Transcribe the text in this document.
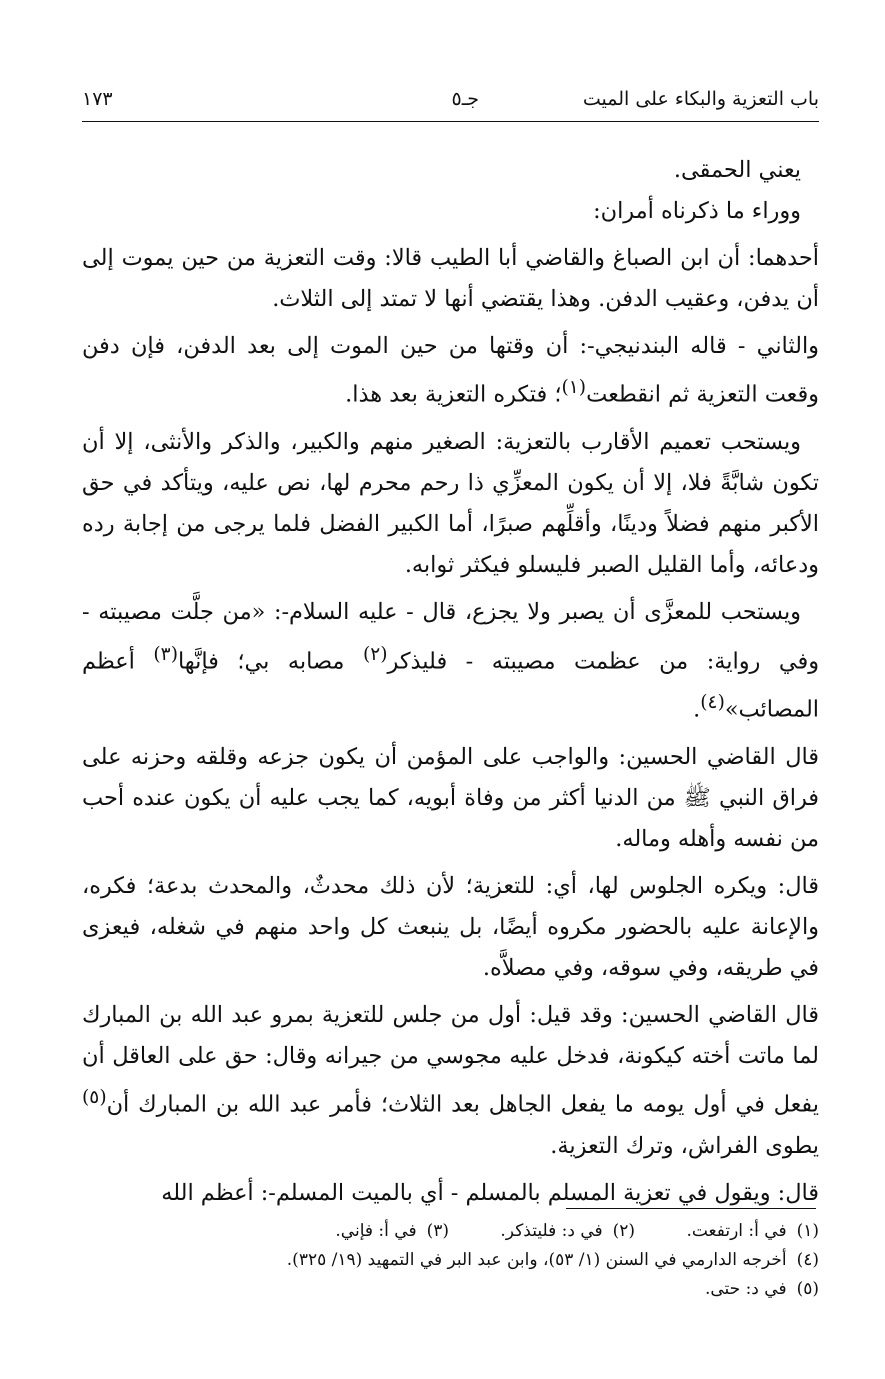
باب التعزية والبكاء على الميت
جـ٥
١٧٣

يعني الحمقى.

ووراء ما ذكرناه أمران:

أحدهما: أن ابن الصباغ والقاضي أبا الطيب قالا: وقت التعزية من حين يموت إلى أن يدفن، وعقيب الدفن. وهذا يقتضي أنها لا تمتد إلى الثلاث.

والثاني - قاله البندنيجي-: أن وقتها من حين الموت إلى بعد الدفن، فإن دفن وقعت التعزية ثم انقطعت$^{(١)}$؛ فتكره التعزية بعد هذا.

ويستحب تعميم الأقارب بالتعزية: الصغير منهم والكبير، والذكر والأنثى، إلا أن تكون شابَّةً فلا، إلا أن يكون المعزِّي ذا رحم محرم لها، نص عليه، ويتأكد في حق الأكبر منهم فضلاً ودينًا، وأقلِّهم صبرًا، أما الكبير الفضل فلما يرجى من إجابة رده ودعائه، وأما القليل الصبر فليسلو فيكثر ثوابه.

ويستحب للمعزَّى أن يصبر ولا يجزع، قال - عليه السلام-: «من جلَّت مصيبته - وفي رواية: من عظمت مصيبته - فليذكر$^{(٢)}$ مصابه بي؛ فإنَّها$^{(٣)}$ أعظم المصائب»$^{(٤)}$.

قال القاضي الحسين: والواجب على المؤمن أن يكون جزعه وقلقه وحزنه على فراق النبي ﷺ من الدنيا أكثر من وفاة أبويه، كما يجب عليه أن يكون عنده أحب من نفسه وأهله وماله.

قال: ويكره الجلوس لها، أي: للتعزية؛ لأن ذلك محدثٌ، والمحدث بدعة؛ فكره، والإعانة عليه بالحضور مكروه أيضًا، بل ينبعث كل واحد منهم في شغله، فيعزى في طريقه، وفي سوقه، وفي مصلاَّه.

قال القاضي الحسين: وقد قيل: أول من جلس للتعزية بمرو عبد الله بن المبارك لما ماتت أخته كيكونة، فدخل عليه مجوسي من جيرانه وقال: حق على العاقل أن يفعل في أول يومه ما يفعل الجاهل بعد الثلاث؛ فأمر عبد الله بن المبارك أن$^{(٥)}$ يطوى الفراش، وترك التعزية.

قال: ويقول في تعزية المسلم بالمسلم - أي بالميت المسلم-: أعظم الله

(١)في أ: ارتفعت. (٢)في د: فليتذكر. (٣)في أ: فإني.
(٤)أخرجه الدارمي في السنن (١/ ٥٣)، وابن عبد البر في التمهيد (١٩/ ٣٢٥).
(٥)في د: حتى.
